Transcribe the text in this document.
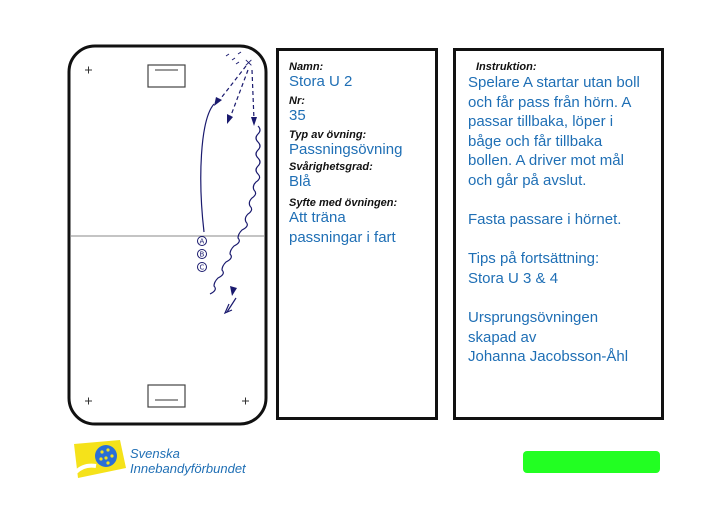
×
A
B
C
Namn:
Stora U 2
Nr:
35
Typ av övning:
Passningsövning
Svårighetsgrad:
Blå
Syfte med övningen:
Att träna
passningar i fart
Instruktion:

Spelare A startar utan boll
och får pass från hörn. A
passar tillbaka, löper i
båge och får tillbaka
bollen. A driver mot mål
och går på avslut.

Fasta passare i hörnet.

Tips på fortsättning:
Stora U 3 & 4

Ursprungsövningen
skapad av
Johanna Jacobsson-Åhl

Svenska
Innebandyförbundet
